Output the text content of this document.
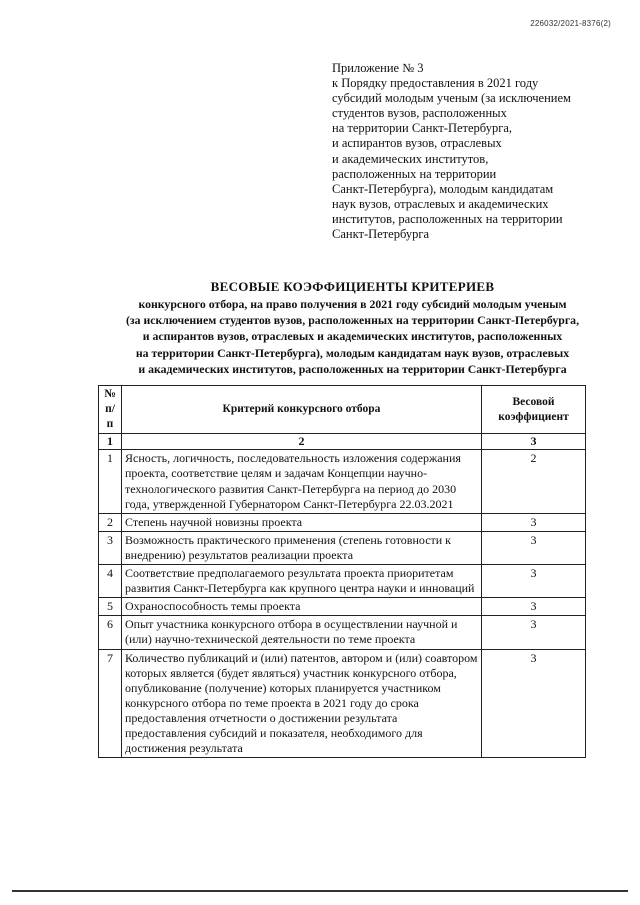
226032/2021-8376(2)
Приложение № 3
к Порядку предоставления в 2021 году
субсидий молодым ученым (за исключением
студентов вузов, расположенных
на территории Санкт-Петербурга,
и аспирантов вузов, отраслевых
и академических институтов,
расположенных на территории
Санкт-Петербурга), молодым кандидатам
наук вузов, отраслевых и академических
институтов, расположенных на территории
Санкт-Петербурга
ВЕСОВЫЕ КОЭФФИЦИЕНТЫ КРИТЕРИЕВ
конкурсного отбора, на право получения в 2021 году субсидий молодым ученым
(за исключением студентов вузов, расположенных на территории Санкт-Петербурга,
и аспирантов вузов, отраслевых и академических институтов, расположенных
на территории Санкт-Петербурга), молодым кандидатам наук вузов, отраслевых
и академических институтов, расположенных на территории Санкт-Петербурга
№ п/п	Критерий конкурсного отбора	Весовой коэффициент
1	2	3
1	Ясность, логичность, последовательность изложения содержания проекта, соответствие целям и задачам Концепции научно-технологического развития Санкт-Петербурга на период до 2030 года, утвержденной Губернатором Санкт-Петербурга 22.03.2021	2
2	Степень научной новизны проекта	3
3	Возможность практического применения (степень готовности к внедрению) результатов реализации проекта	3
4	Соответствие предполагаемого результата проекта приоритетам развития Санкт-Петербурга как крупного центра науки и инноваций	3
5	Охраноспособность темы проекта	3
6	Опыт участника конкурсного отбора в осуществлении научной и (или) научно-технической деятельности по теме проекта	3
7	Количество публикаций и (или) патентов, автором и (или) соавтором которых является (будет являться) участник конкурсного отбора, опубликование (получение) которых планируется участником конкурсного отбора по теме проекта в 2021 году до срока предоставления отчетности о достижении результата предоставления субсидий и показателя, необходимого для достижения результата	3
